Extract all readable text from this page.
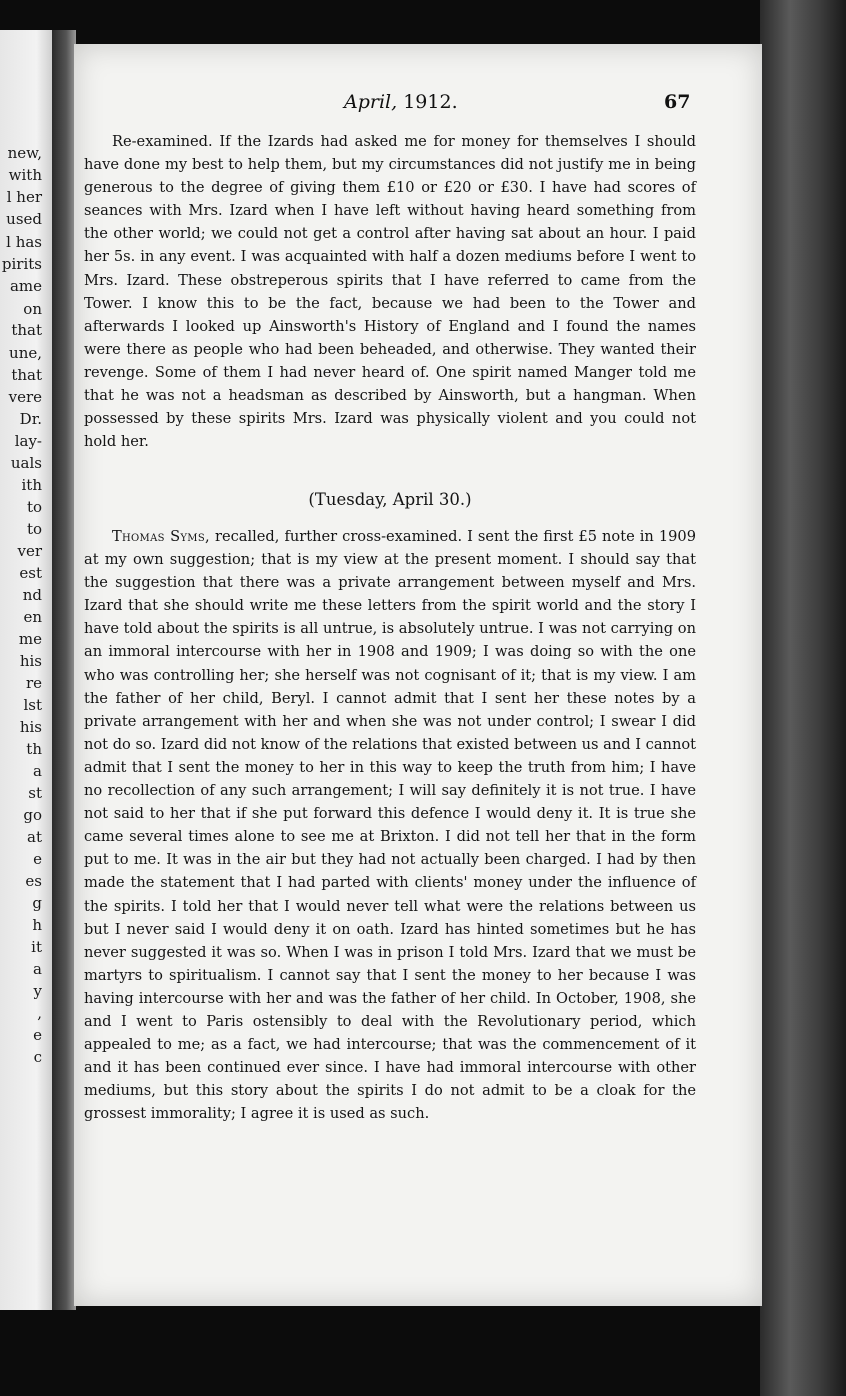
new,
with
l her
used
l has
pirits
ame
on
that
une,
that
vere
Dr.
lay-
uals
ith
to
to
ver
est
nd
en
me
his
re
lst
his
th
a
st
go
at
e
es
g
h
it
a
y
,
e
c
April, 1912.	67

Re-examined. If the Izards had asked me for money for themselves I should have done my best to help them, but my circumstances did not justify me in being generous to the degree of giving them £10 or £20 or £30. I have had scores of seances with Mrs. Izard when I have left without having heard something from the other world; we could not get a control after having sat about an hour. I paid her 5s. in any event. I was acquainted with half a dozen mediums before I went to Mrs. Izard. These obstreperous spirits that I have referred to came from the Tower. I know this to be the fact, because we had been to the Tower and afterwards I looked up Ainsworth's History of England and I found the names were there as people who had been beheaded, and otherwise. They wanted their revenge. Some of them I had never heard of. One spirit named Manger told me that he was not a headsman as described by Ainsworth, but a hangman. When possessed by these spirits Mrs. Izard was physically violent and you could not hold her.

(Tuesday, April 30.)

Thomas Syms, recalled, further cross-examined. I sent the first £5 note in 1909 at my own suggestion; that is my view at the present moment. I should say that the suggestion that there was a private arrangement between myself and Mrs. Izard that she should write me these letters from the spirit world and the story I have told about the spirits is all untrue, is absolutely untrue. I was not carrying on an immoral intercourse with her in 1908 and 1909; I was doing so with the one who was controlling her; she herself was not cognisant of it; that is my view. I am the father of her child, Beryl. I cannot admit that I sent her these notes by a private arrangement with her and when she was not under control; I swear I did not do so. Izard did not know of the relations that existed between us and I cannot admit that I sent the money to her in this way to keep the truth from him; I have no recollection of any such arrangement; I will say definitely it is not true. I have not said to her that if she put forward this defence I would deny it. It is true she came several times alone to see me at Brixton. I did not tell her that in the form put to me. It was in the air but they had not actually been charged. I had by then made the statement that I had parted with clients' money under the influence of the spirits. I told her that I would never tell what were the relations between us but I never said I would deny it on oath. Izard has hinted sometimes but he has never suggested it was so. When I was in prison I told Mrs. Izard that we must be martyrs to spiritualism. I cannot say that I sent the money to her because I was having intercourse with her and was the father of her child. In October, 1908, she and I went to Paris ostensibly to deal with the Revolutionary period, which appealed to me; as a fact, we had intercourse; that was the commencement of it and it has been continued ever since. I have had immoral intercourse with other mediums, but this story about the spirits I do not admit to be a cloak for the grossest immorality; I agree it is used as such.
